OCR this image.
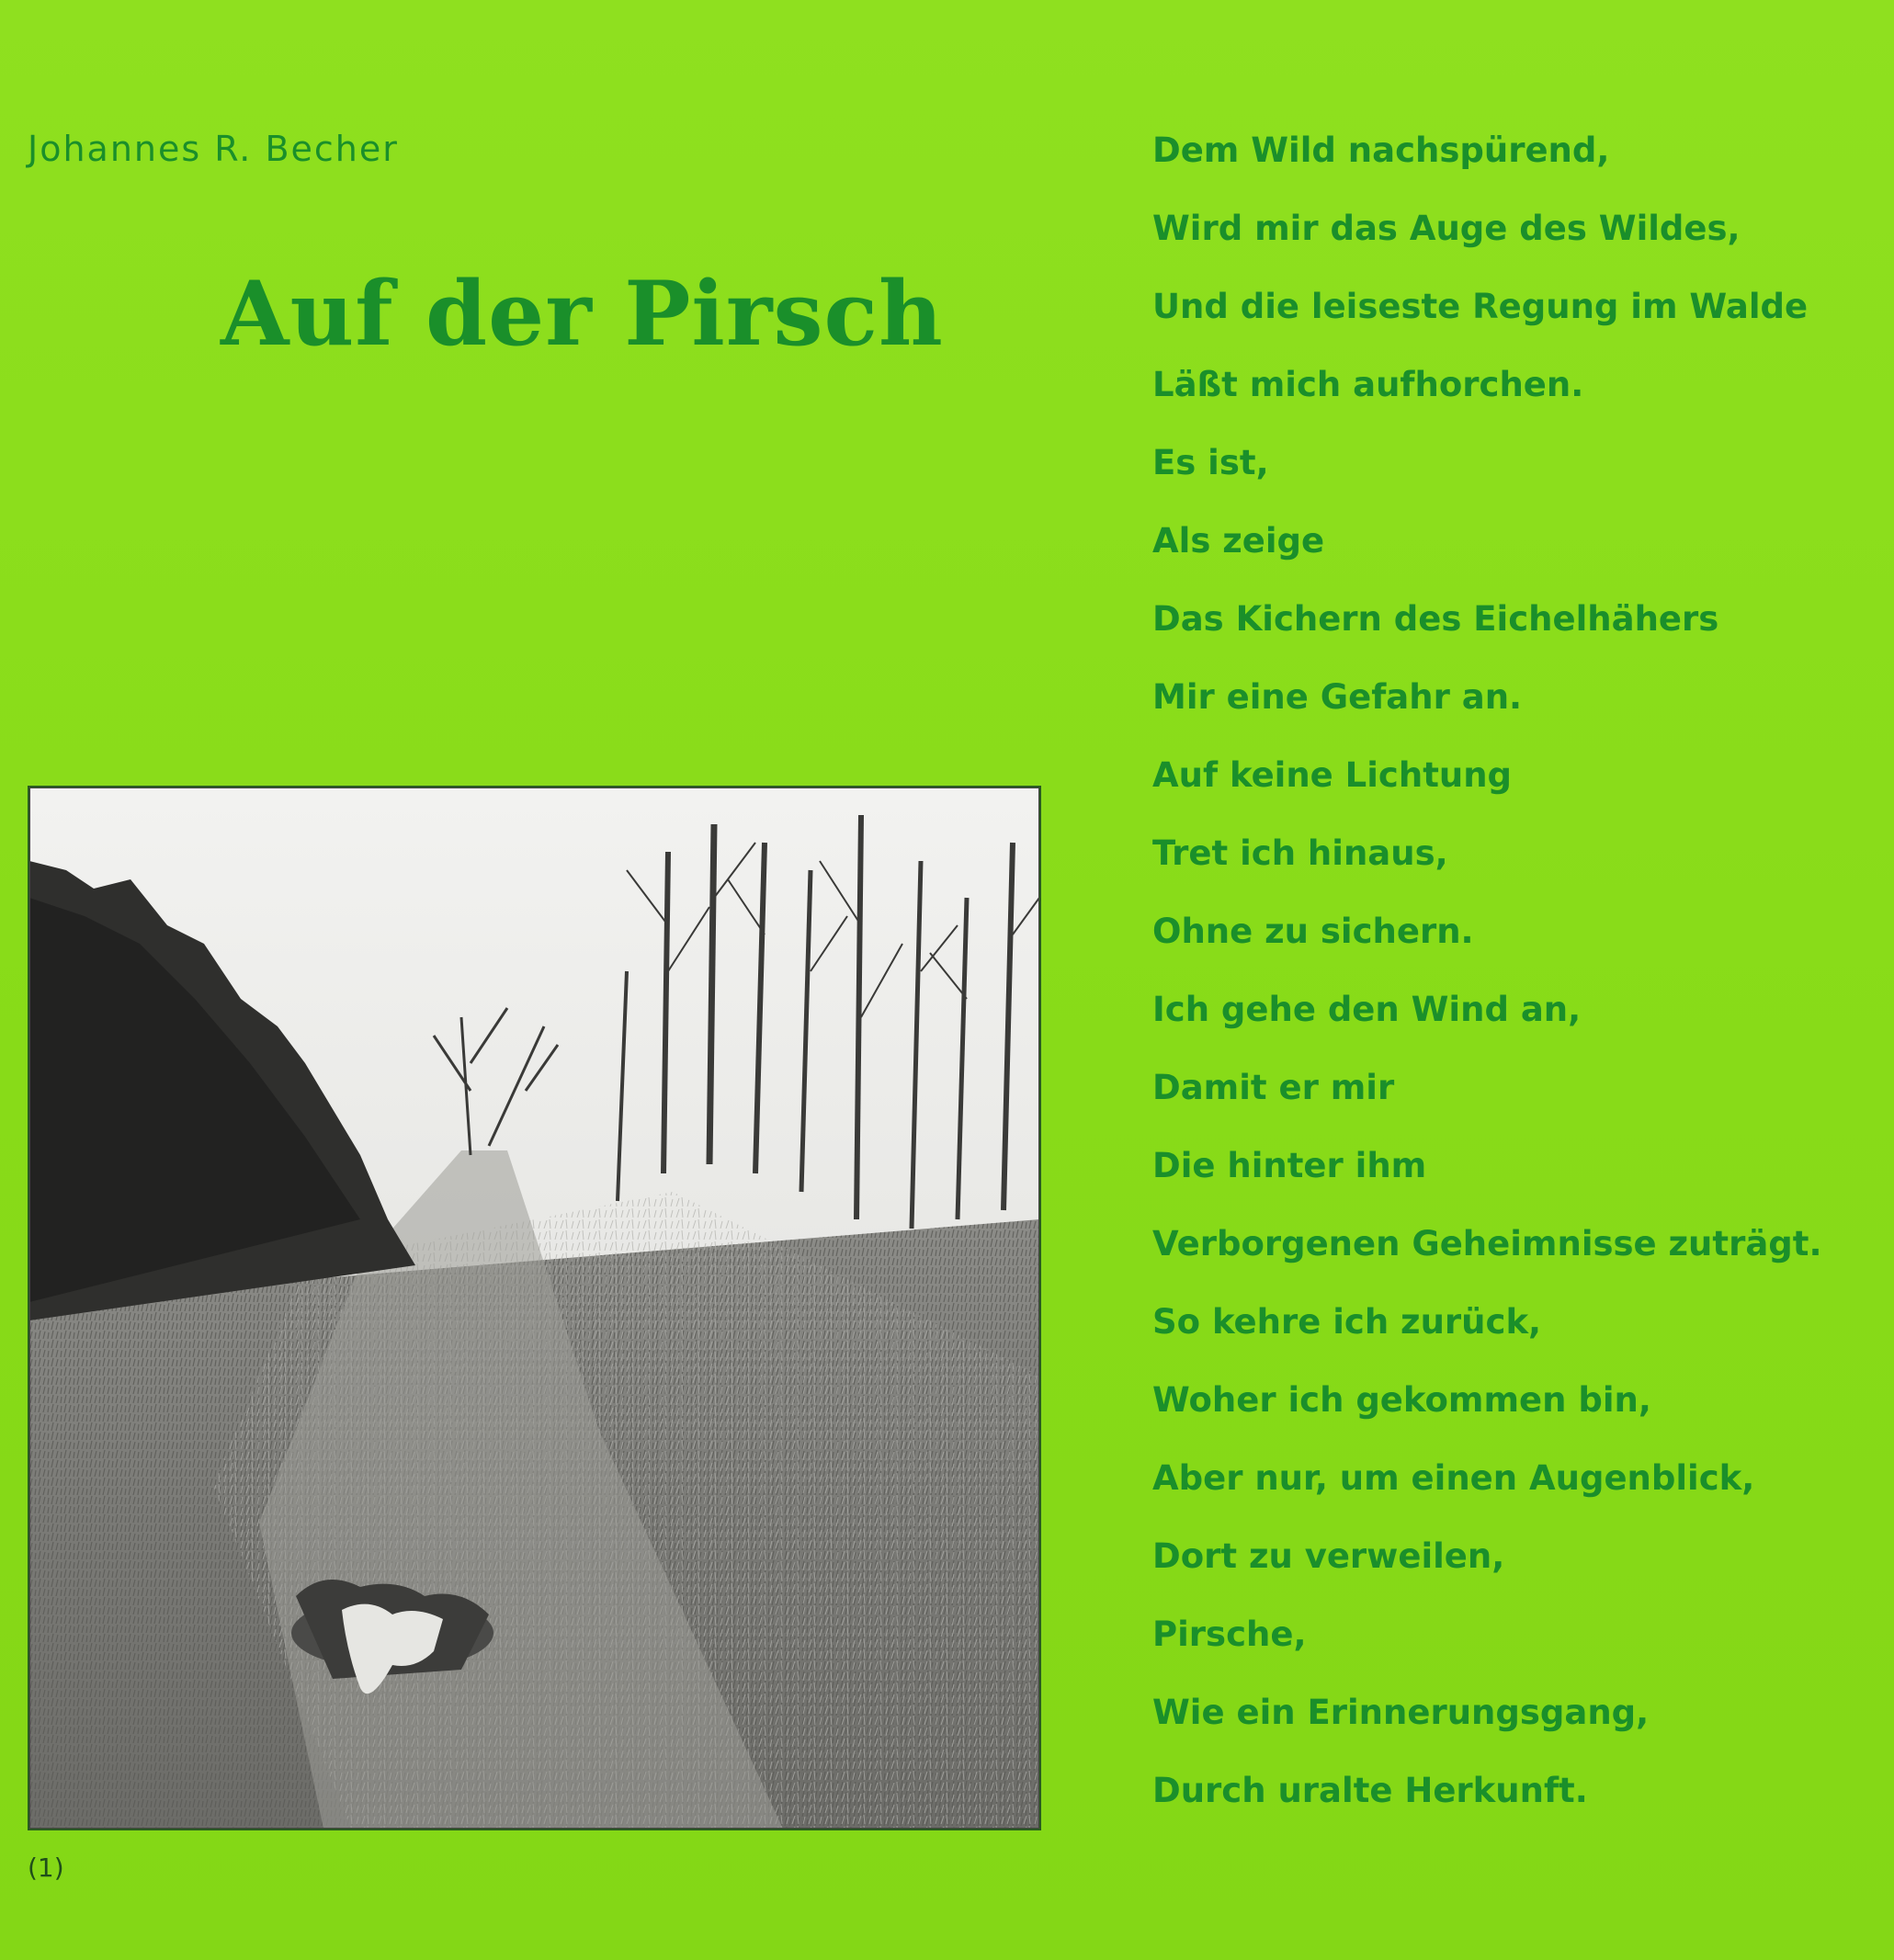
Johannes R. Becher
Auf der Pirsch
(1)
Dem Wild nachspürend,
Wird mir das Auge des Wildes,
Und die leiseste Regung im Walde
Läßt mich aufhorchen.
Es ist,
Als zeige
Das Kichern des Eichelhähers
Mir eine Gefahr an.
Auf keine Lichtung
Tret ich hinaus,
Ohne zu sichern.
Ich gehe den Wind an,
Damit er mir
Die hinter ihm
Verborgenen Geheimnisse zuträgt.
So kehre ich zurück,
Woher ich gekommen bin,
Aber nur, um einen Augenblick,
Dort zu verweilen,
Pirsche,
Wie ein Erinnerungsgang,
Durch uralte Herkunft.
